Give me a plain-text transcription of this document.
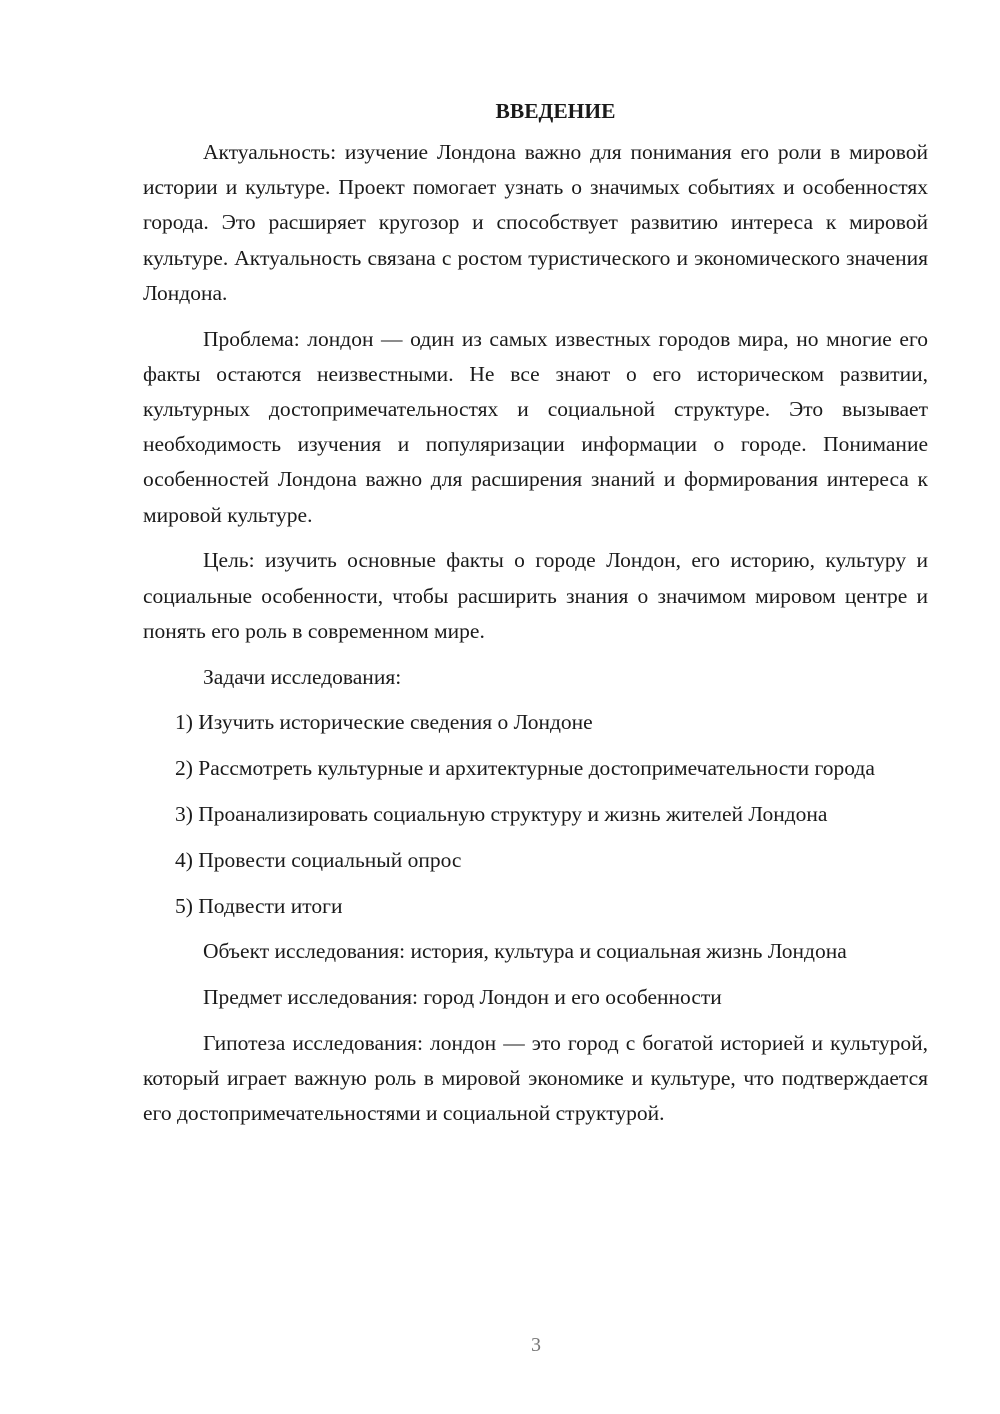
ВВЕДЕНИЕ

Актуальность: изучение Лондона важно для понимания его роли в мировой истории и культуре. Проект помогает узнать о значимых событиях и особенностях города. Это расширяет кругозор и способствует развитию интереса к мировой культуре. Актуальность связана с ростом туристического и экономического значения Лондона.

Проблема: лондон — один из самых известных городов мира, но многие его факты остаются неизвестными. Не все знают о его историческом развитии, культурных достопримечательностях и социальной структуре. Это вызывает необходимость изучения и популяризации информации о городе. Понимание особенностей Лондона важно для расширения знаний и формирования интереса к мировой культуре.

Цель: изучить основные факты о городе Лондон, его историю, культуру и социальные особенности, чтобы расширить знания о значимом мировом центре и понять его роль в современном мире.

Задачи исследования:

1) Изучить исторические сведения о Лондоне

2) Рассмотреть культурные и архитектурные достопримечательности города

3) Проанализировать социальную структуру и жизнь жителей Лондона

4) Провести социальный опрос

5) Подвести итоги

Объект исследования: история, культура и социальная жизнь Лондона

Предмет исследования: город Лондон и его особенности

Гипотеза исследования: лондон — это город с богатой историей и культурой, который играет важную роль в мировой экономике и культуре, что подтверждается его достопримечательностями и социальной структурой.

3
